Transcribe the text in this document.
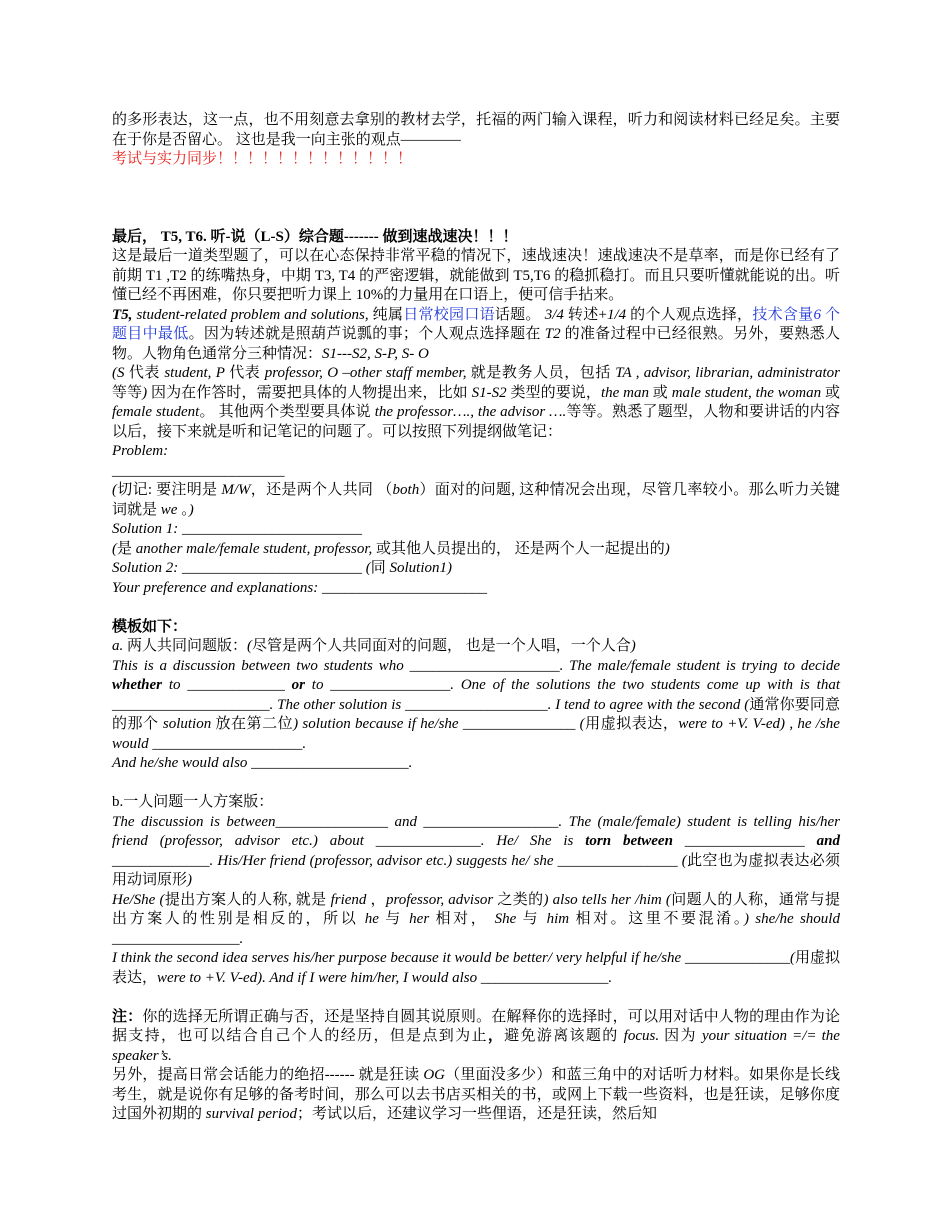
的多形表达，这一点，也不用刻意去拿别的教材去学，托福的两门输入课程，听力和阅读材料已经足矣。主要在于你是否留心。 这也是我一向主张的观点————
考试与实力同步！！！！！！！！！！！！！

最后， T5, T6. 听-说（L-S）综合题------- 做到速战速决！！！

这是最后一道类型题了，可以在心态保持非常平稳的情况下，速战速决！速战速决不是草率，而是你已经有了前期 T1 ,T2 的练嘴热身，中期 T3, T4 的严密逻辑，就能做到 T5,T6 的稳抓稳打。而且只要听懂就能说的出。听懂已经不再困难，你只要把听力课上 10%的力量用在口语上，便可信手拈来。

T5, student-related problem and solutions, 纯属日常校园口语话题。 3/4 转述+1/4 的个人观点选择，技术含量6 个题目中最低。因为转述就是照葫芦说瓢的事；个人观点选择题在 T2 的准备过程中已经很熟。另外，要熟悉人物。人物角色通常分三种情况：S1---S2, S-P, S- O

(S 代表 student, P 代表 professor, O –other staff member, 就是教务人员，包括 TA , advisor, librarian, administrator 等等) 因为在作答时，需要把具体的人物提出来，比如 S1-S2 类型的要说，the man 或 male student, the woman 或 female student。 其他两个类型要具体说 the professor…., the advisor ….等等。熟悉了题型，人物和要讲话的内容以后，接下来就是听和记笔记的问题了。可以按照下列提纲做笔记：
Problem:

_______________________

(切记: 要注明是 M/W，还是两个人共同 （both）面对的问题, 这种情况会出现，尽管几率较小。那么听力关键词就是 we 。)

Solution 1: ________________________

(是 another male/female student, professor, 或其他人员提出的， 还是两个人一起提出的)

Solution 2: ________________________ (同 Solution1)

Your preference and explanations: ______________________

模板如下：

a. 两人共同问题版：(尽管是两个人共同面对的问题， 也是一个人唱，一个人合)

This is a discussion between two students who ____________________. The male/female student is trying to decide whether to _____________ or to ________________. One of the solutions the two students come up with is that _____________________. The other solution is ___________________. I tend to agree with the second (通常你要同意的那个 solution 放在第二位) solution because if he/she _______________ (用虚拟表达，were to +V. V-ed) , he /she would ____________________.
And he/she would also _____________________.

b.一人问题一人方案版：

The discussion is between_______________ and __________________. The (male/female) student is telling his/her friend (professor, advisor etc.) about ______________. He/ She is torn between ________________ and _____________. His/Her friend (professor, advisor etc.) suggests he/ she ________________ (此空也为虚拟表达必须用动词原形)
He/She (提出方案人的人称, 就是 friend ，professor, advisor 之类的) also tells her /him (问题人的人称，通常与提出方案人的性别是相反的，所以 he 与 her 相对， She 与 him 相对。这里不要混淆。) she/he should _________________.
I think the second idea serves his/her purpose because it would be better/ very helpful if he/she ______________(用虚拟表达，were to +V. V-ed). And if I were him/her, I would also _________________.

注：你的选择无所谓正确与否，还是坚持自圆其说原则。在解释你的选择时，可以用对话中人物的理由作为论据支持，也可以结合自己个人的经历，但是点到为止，避免游离该题的 focus. 因为 your situation =/= the speaker’s.

另外，提高日常会话能力的绝招------ 就是狂读 OG（里面没多少）和蓝三角中的对话听力材料。如果你是长线考生，就是说你有足够的备考时间，那么可以去书店买相关的书，或网上下载一些资料，也是狂读，足够你度过国外初期的 survival period；考试以后，还建议学习一些俚语，还是狂读，然后知
